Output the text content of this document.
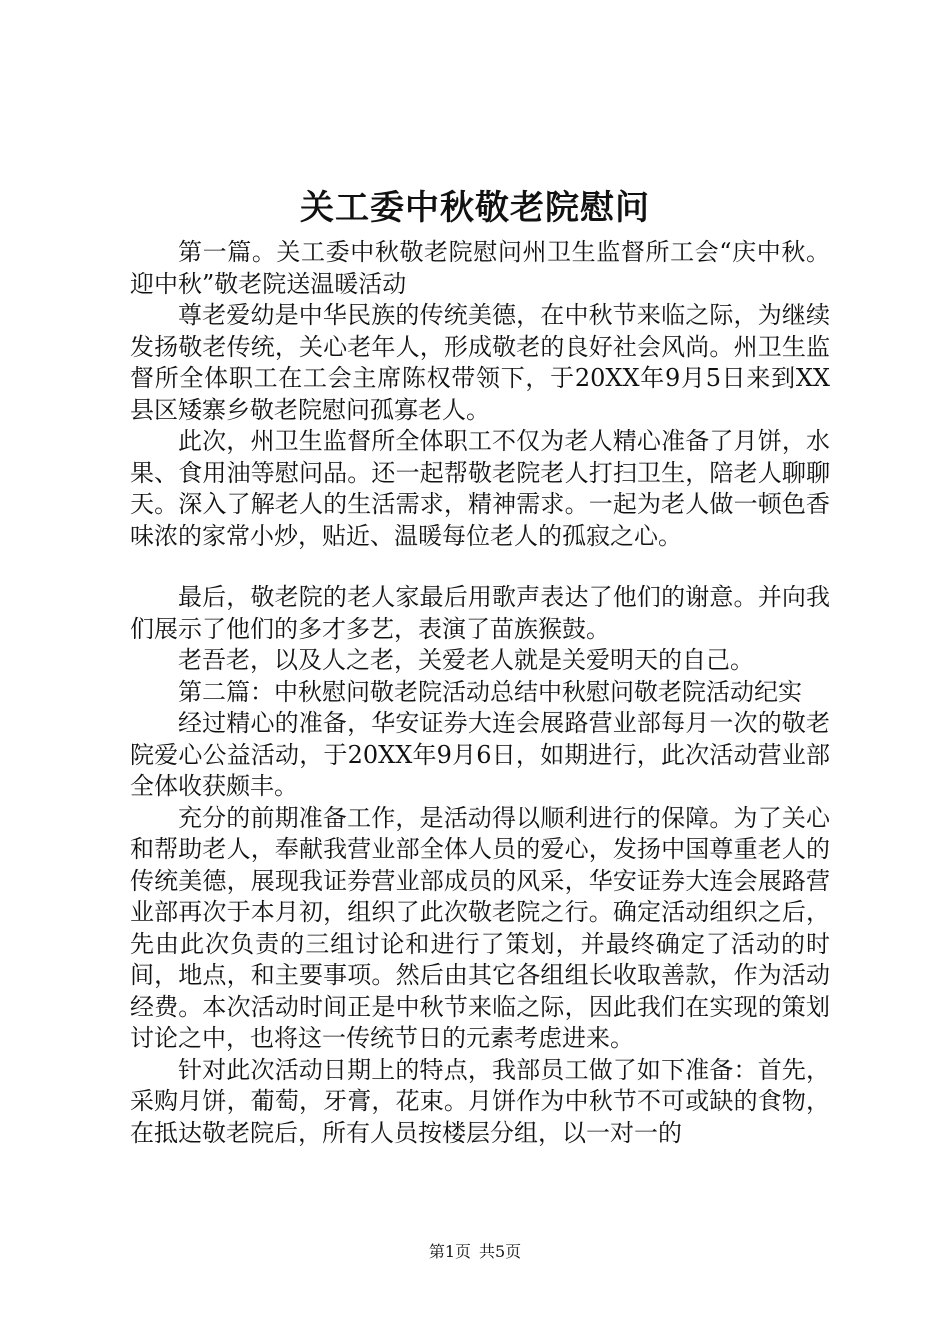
关工委中秋敬老院慰问

第一篇。关工委中秋敬老院慰问州卫生监督所工会“庆中秋。迎中秋”敬老院送温暖活动

尊老爱幼是中华民族的传统美德，在中秋节来临之际，为继续发扬敬老传统，关心老年人，形成敬老的良好社会风尚。州卫生监督所全体职工在工会主席陈权带领下，于20XX年9月5日来到XX县区矮寨乡敬老院慰问孤寡老人。

此次，州卫生监督所全体职工不仅为老人精心准备了月饼，水果、食用油等慰问品。还一起帮敬老院老人打扫卫生，陪老人聊聊天。深入了解老人的生活需求，精神需求。一起为老人做一顿色香味浓的家常小炒，贴近、温暖每位老人的孤寂之心。

最后，敬老院的老人家最后用歌声表达了他们的谢意。并向我们展示了他们的多才多艺，表演了苗族猴鼓。

老吾老，以及人之老，关爱老人就是关爱明天的自己。

第二篇：中秋慰问敬老院活动总结中秋慰问敬老院活动纪实

经过精心的准备，华安证券大连会展路营业部每月一次的敬老院爱心公益活动，于20XX年9月6日，如期进行，此次活动营业部全体收获颇丰。

充分的前期准备工作，是活动得以顺利进行的保障。为了关心和帮助老人，奉献我营业部全体人员的爱心，发扬中国尊重老人的传统美德，展现我证券营业部成员的风采，华安证券大连会展路营业部再次于本月初，组织了此次敬老院之行。确定活动组织之后，先由此次负责的三组讨论和进行了策划，并最终确定了活动的时间，地点，和主要事项。然后由其它各组组长收取善款，作为活动经费。本次活动时间正是中秋节来临之际，因此我们在实现的策划讨论之中，也将这一传统节日的元素考虑进来。

针对此次活动日期上的特点，我部员工做了如下准备：首先，采购月饼，葡萄，牙膏，花束。月饼作为中秋节不可或缺的食物，在抵达敬老院后，所有人员按楼层分组，以一对一的

第1页 共5页
